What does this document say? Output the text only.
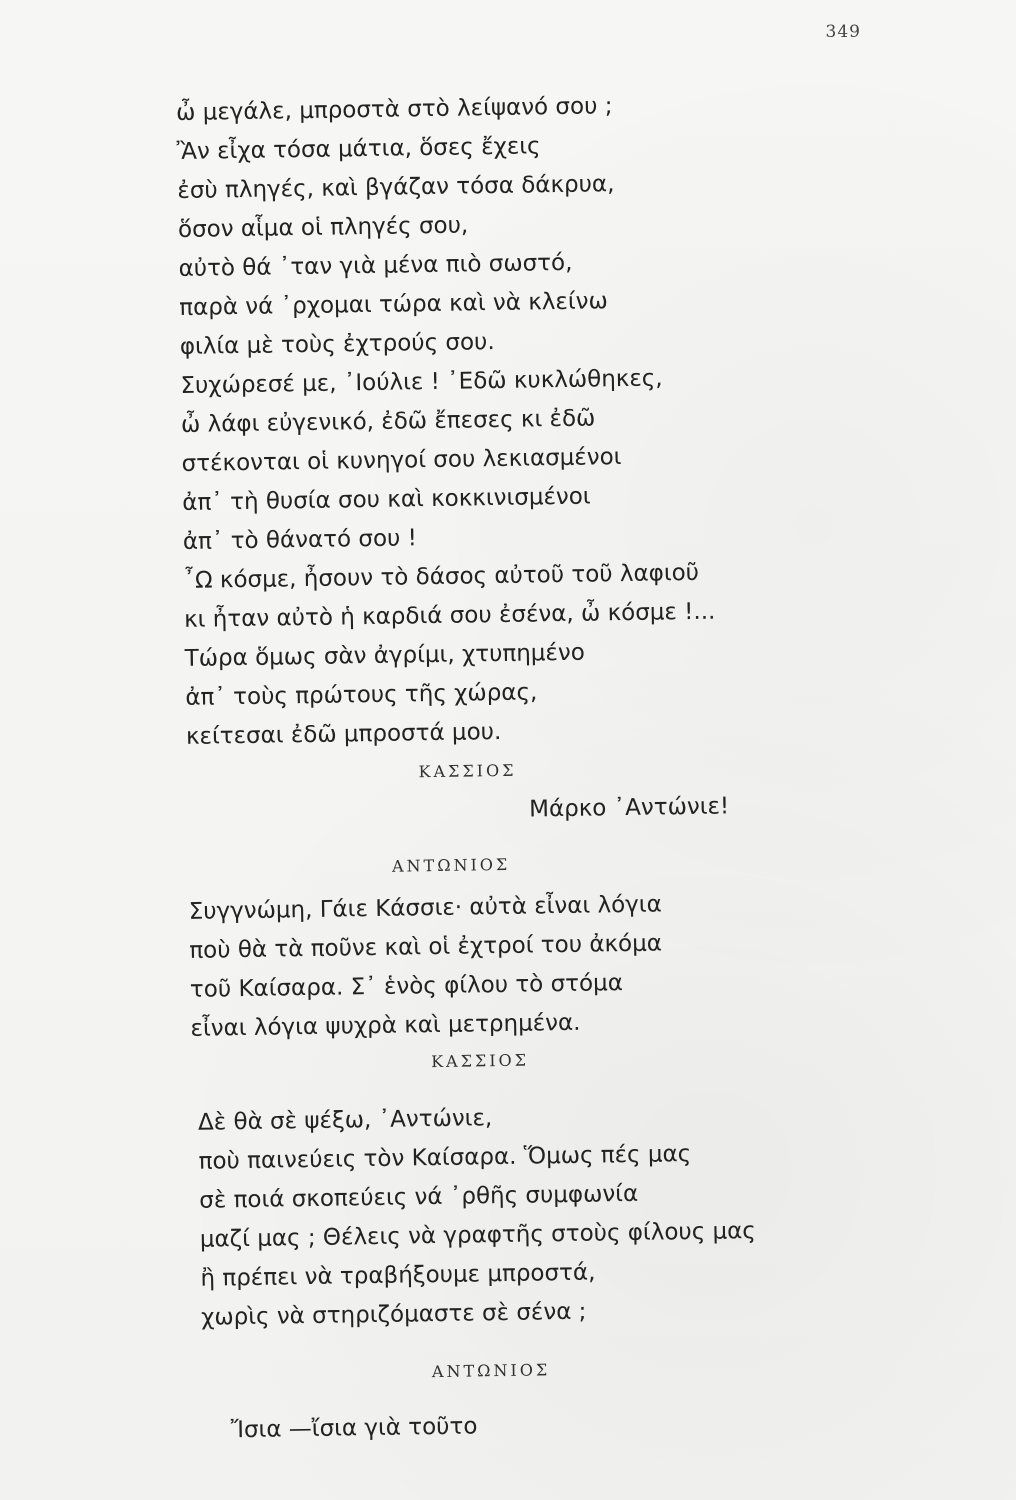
349
ὦ μεγάλε, μπροστὰ στὸ λείψανό σου ;
Ἂν εἶχα τόσα μάτια, ὅσες ἔχεις
ἐσὺ πληγές, καὶ βγάζαν τόσα δάκρυα,
ὅσον αἷμα οἱ πληγές σου,
αὐτὸ θά ᾿ταν γιὰ μένα πιὸ σωστό,
παρὰ νά ᾿ρχομαι τώρα καὶ νὰ κλείνω
φιλία μὲ τοὺς ἐχτρούς σου.
Συχώρεσέ με, ᾿Ιούλιε ! ᾿Εδῶ κυκλώθηκες,
ὦ λάφι εὐγενικό, ἐδῶ ἔπεσες κι ἐδῶ
στέκονται οἱ κυνηγοί σου λεκιασμένοι
ἀπ᾿ τὴ θυσία σου καὶ κοκκινισμένοι
ἀπ᾿ τὸ θάνατό σου !
῏Ω κόσμε, ἦσουν τὸ δάσος αὐτοῦ τοῦ λαφιοῦ
κι ἦταν αὐτὸ ἡ καρδιά σου ἐσένα, ὦ κόσμε !...
Τώρα ὅμως σὰν ἀγρίμι, χτυπημένο
ἀπ᾿ τοὺς πρώτους τῆς χώρας,
κείτεσαι ἐδῶ μπροστά μου.
ΚΑΣΣΙΟΣ
Μάρκο ᾿Αντώνιε!
ΑΝΤΩΝΙΟΣ
Συγγνώμη, Γάιε Κάσσιε· αὐτὰ εἶναι λόγια
ποὺ θὰ τὰ ποῦνε καὶ οἱ ἐχτροί του ἀκόμα
τοῦ Καίσαρα. Σ᾿ ἑνὸς φίλου τὸ στόμα
εἶναι λόγια ψυχρὰ καὶ μετρημένα.
ΚΑΣΣΙΟΣ
Δὲ θὰ σὲ ψέξω, ᾿Αντώνιε,
ποὺ παινεύεις τὸν Καίσαρα. Ὅμως πές μας
σὲ ποιά σκοπεύεις νά ᾿ρθῆς συμφωνία
μαζί μας ; Θέλεις νὰ γραφτῆς στοὺς φίλους μας
ἢ πρέπει νὰ τραβήξουμε μπροστά,
χωρὶς νὰ στηριζόμαστε σὲ σένα ;
ΑΝΤΩΝΙΟΣ
Ἴσια —ἴσια γιὰ τοῦτο
